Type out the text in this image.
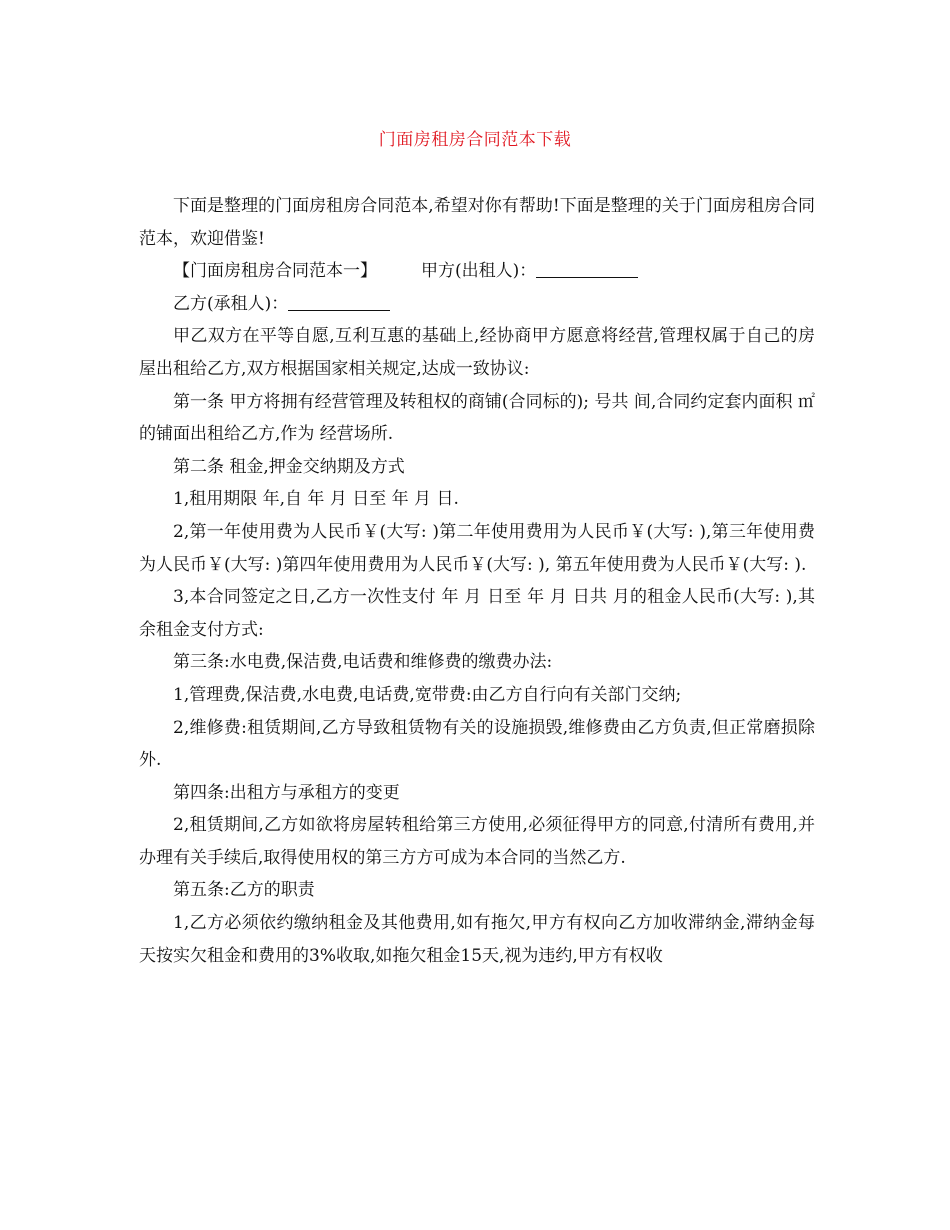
门面房租房合同范本下载

下面是整理的门面房租房合同范本,希望对你有帮助!下面是整理的关于门面房租房合同范本，欢迎借鉴!

【门面房租房合同范本一】	甲方(出租人)：

乙方(承租人)：

甲乙双方在平等自愿,互利互惠的基础上,经协商甲方愿意将经营,管理权属于自己的房屋出租给乙方,双方根据国家相关规定,达成一致协议:

第一条 甲方将拥有经营管理及转租权的商铺(合同标的); 号共 间,合同约定套内面积 ㎡的铺面出租给乙方,作为 经营场所.

第二条 租金,押金交纳期及方式

1,租用期限 年,自 年 月 日至 年 月 日.

2,第一年使用费为人民币￥(大写: )第二年使用费用为人民币￥(大写: ),第三年使用费为人民币￥(大写: )第四年使用费用为人民币￥(大写: ), 第五年使用费为人民币￥(大写: ).

3,本合同签定之日,乙方一次性支付 年 月 日至 年 月 日共 月的租金人民币(大写: ),其余租金支付方式:

第三条:水电费,保洁费,电话费和维修费的缴费办法:

1,管理费,保洁费,水电费,电话费,宽带费:由乙方自行向有关部门交纳;

2,维修费:租赁期间,乙方导致租赁物有关的设施损毁,维修费由乙方负责,但正常磨损除外.

第四条:出租方与承租方的变更

2,租赁期间,乙方如欲将房屋转租给第三方使用,必须征得甲方的同意,付清所有费用,并办理有关手续后,取得使用权的第三方方可成为本合同的当然乙方.

第五条:乙方的职责

1,乙方必须依约缴纳租金及其他费用,如有拖欠,甲方有权向乙方加收滞纳金,滞纳金每天按实欠租金和费用的3%收取,如拖欠租金15天,视为违约,甲方有权收
